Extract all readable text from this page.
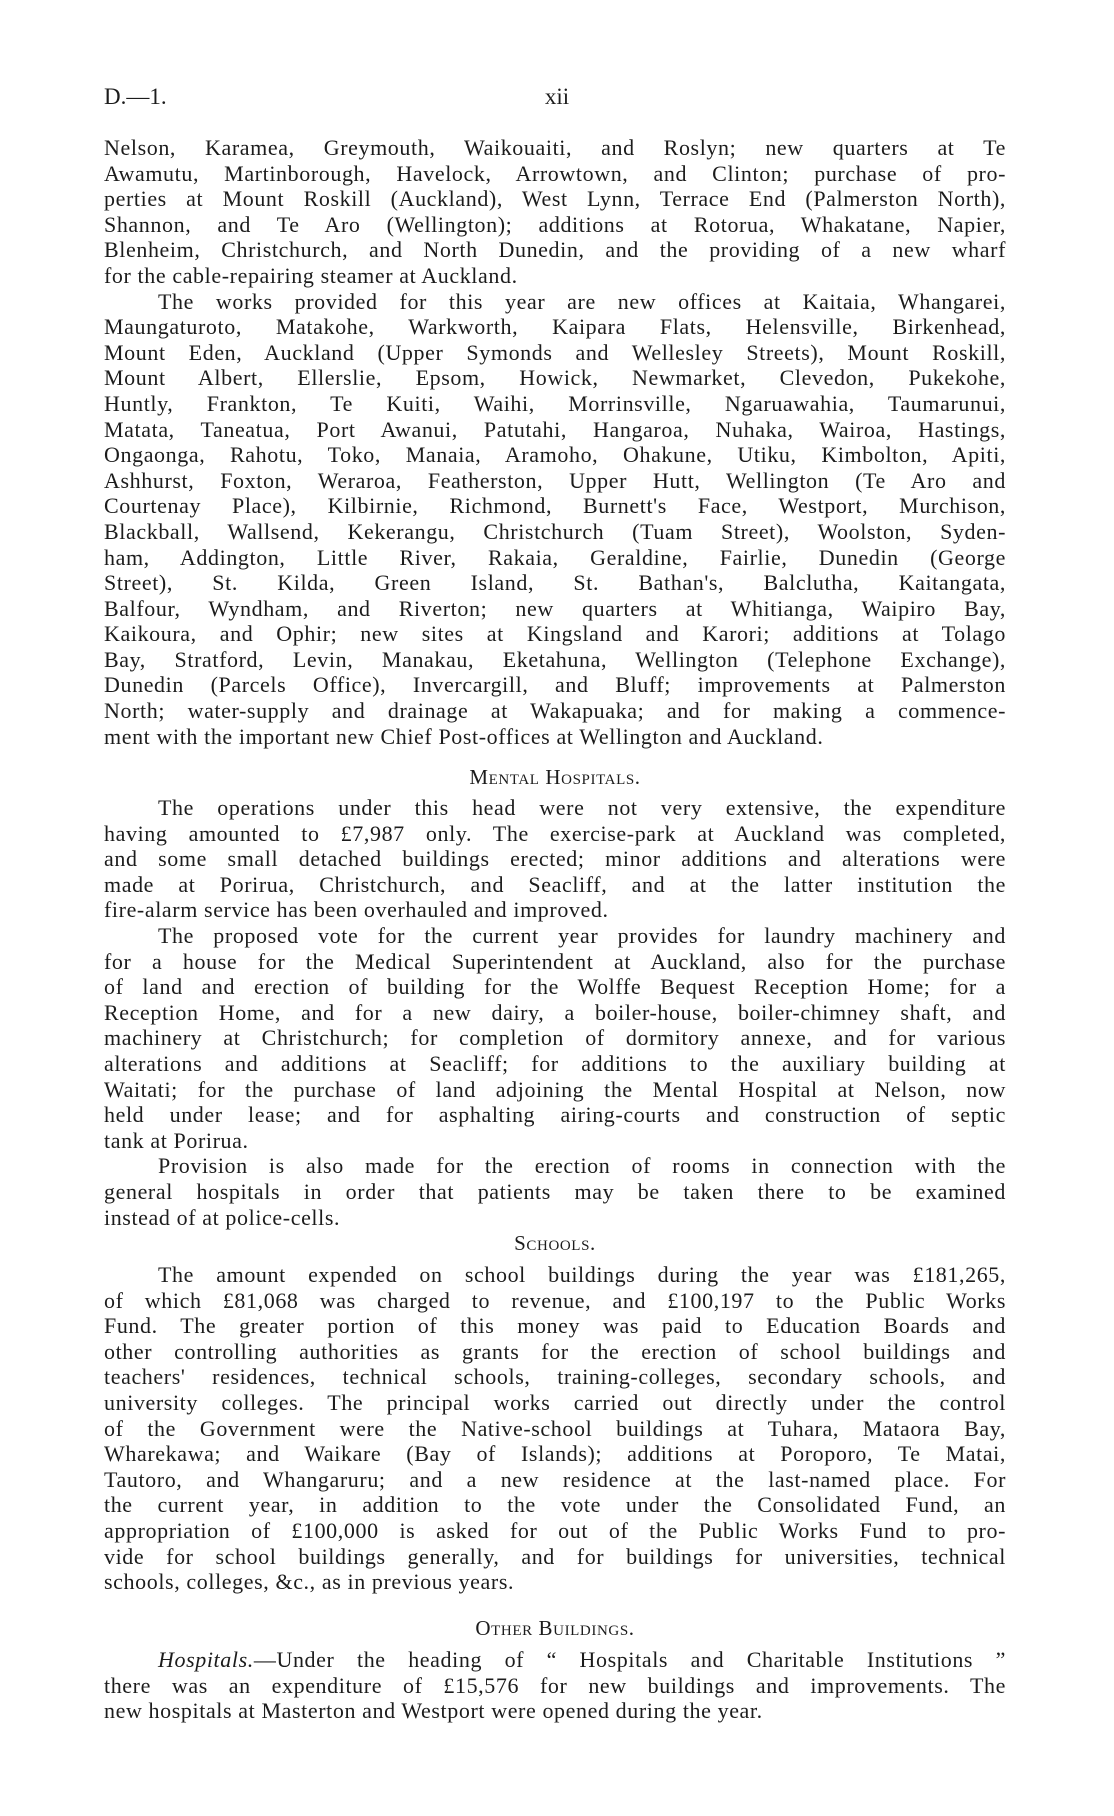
D.—1.	xii
Nelson, Karamea, Greymouth, Waikouaiti, and Roslyn; new quarters at Te
Awamutu, Martinborough, Havelock, Arrowtown, and Clinton; purchase of pro-
perties at Mount Roskill (Auckland), West Lynn, Terrace End (Palmerston North),
Shannon, and Te Aro (Wellington); additions at Rotorua, Whakatane, Napier,
Blenheim, Christchurch, and North Dunedin, and the providing of a new wharf
for the cable-repairing steamer at Auckland.
The works provided for this year are new offices at Kaitaia, Whangarei,
Maungaturoto, Matakohe, Warkworth, Kaipara Flats, Helensville, Birkenhead,
Mount Eden, Auckland (Upper Symonds and Wellesley Streets), Mount Roskill,
Mount Albert, Ellerslie, Epsom, Howick, Newmarket, Clevedon, Pukekohe,
Huntly, Frankton, Te Kuiti, Waihi, Morrinsville, Ngaruawahia, Taumarunui,
Matata, Taneatua, Port Awanui, Patutahi, Hangaroa, Nuhaka, Wairoa, Hastings,
Ongaonga, Rahotu, Toko, Manaia, Aramoho, Ohakune, Utiku, Kimbolton, Apiti,
Ashhurst, Foxton, Weraroa, Featherston, Upper Hutt, Wellington (Te Aro and
Courtenay Place), Kilbirnie, Richmond, Burnett's Face, Westport, Murchison,
Blackball, Wallsend, Kekerangu, Christchurch (Tuam Street), Woolston, Syden-
ham, Addington, Little River, Rakaia, Geraldine, Fairlie, Dunedin (George
Street), St. Kilda, Green Island, St. Bathan's, Balclutha, Kaitangata,
Balfour, Wyndham, and Riverton; new quarters at Whitianga, Waipiro Bay,
Kaikoura, and Ophir; new sites at Kingsland and Karori; additions at Tolago
Bay, Stratford, Levin, Manakau, Eketahuna, Wellington (Telephone Exchange),
Dunedin (Parcels Office), Invercargill, and Bluff; improvements at Palmerston
North; water-supply and drainage at Wakapuaka; and for making a commence-
ment with the important new Chief Post-offices at Wellington and Auckland.
Mental Hospitals.
The operations under this head were not very extensive, the expenditure
having amounted to £7,987 only. The exercise-park at Auckland was completed,
and some small detached buildings erected; minor additions and alterations were
made at Porirua, Christchurch, and Seacliff, and at the latter institution the
fire-alarm service has been overhauled and improved.
The proposed vote for the current year provides for laundry machinery and
for a house for the Medical Superintendent at Auckland, also for the purchase
of land and erection of building for the Wolffe Bequest Reception Home; for a
Reception Home, and for a new dairy, a boiler-house, boiler-chimney shaft, and
machinery at Christchurch; for completion of dormitory annexe, and for various
alterations and additions at Seacliff; for additions to the auxiliary building at
Waitati; for the purchase of land adjoining the Mental Hospital at Nelson, now
held under lease; and for asphalting airing-courts and construction of septic
tank at Porirua.
Provision is also made for the erection of rooms in connection with the
general hospitals in order that patients may be taken there to be examined
instead of at police-cells.
Schools.
The amount expended on school buildings during the year was £181,265,
of which £81,068 was charged to revenue, and £100,197 to the Public Works
Fund. The greater portion of this money was paid to Education Boards and
other controlling authorities as grants for the erection of school buildings and
teachers' residences, technical schools, training-colleges, secondary schools, and
university colleges. The principal works carried out directly under the control
of the Government were the Native-school buildings at Tuhara, Mataora Bay,
Wharekawa; and Waikare (Bay of Islands); additions at Poroporo, Te Matai,
Tautoro, and Whangaruru; and a new residence at the last-named place. For
the current year, in addition to the vote under the Consolidated Fund, an
appropriation of £100,000 is asked for out of the Public Works Fund to pro-
vide for school buildings generally, and for buildings for universities, technical
schools, colleges, &c., as in previous years.
Other Buildings.
Hospitals.—Under the heading of “ Hospitals and Charitable Institutions ”
there was an expenditure of £15,576 for new buildings and improvements. The
new hospitals at Masterton and Westport were opened during the year.
